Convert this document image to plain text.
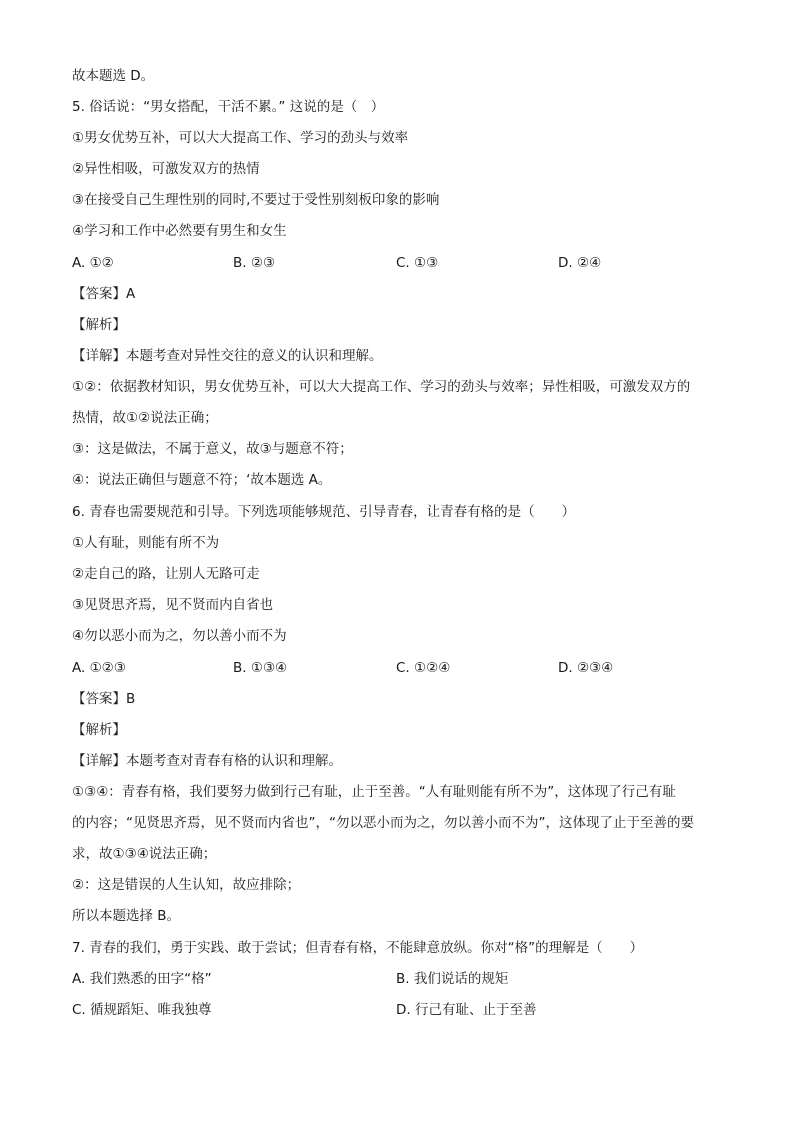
故本题选 D。
5. 俗话说：“男女搭配，干活不累。” 这说的是（　）
①男女优势互补，可以大大提高工作、学习的劲头与效率
②异性相吸，可激发双方的热情
③在接受自己生理性别的同时,不要过于受性别刻板印象的影响
④学习和工作中必然要有男生和女生
A. ①②	B. ②③	C. ①③	D. ②④
【答案】A
【解析】
【详解】本题考查对异性交往的意义的认识和理解。
①②：依据教材知识，男女优势互补，可以大大提高工作、学习的劲头与效率；异性相吸，可激发双方的
热情，故①②说法正确；
③：这是做法，不属于意义，故③与题意不符；
④：说法正确但与题意不符；‘故本题选 A。
6. 青春也需要规范和引导。下列选项能够规范、引导青春，让青春有格的是（　　）
①人有耻，则能有所不为
②走自己的路，让别人无路可走
③见贤思齐焉，见不贤而内自省也
④勿以恶小而为之，勿以善小而不为
A. ①②③	B. ①③④	C. ①②④	D. ②③④
【答案】B
【解析】
【详解】本题考查对青春有格的认识和理解。
①③④：青春有格，我们要努力做到行己有耻，止于至善。“人有耻则能有所不为”，这体现了行己有耻
的内容；“见贤思齐焉，见不贤而内省也”，“勿以恶小而为之，勿以善小而不为”，这体现了止于至善的要
求，故①③④说法正确；
②：这是错误的人生认知，故应排除；
所以本题选择 B。
7. 青春的我们，勇于实践、敢于尝试；但青春有格，不能肆意放纵。你对“格”的理解是（　　）
A. 我们熟悉的田字“格”	B. 我们说话的规矩
C. 循规蹈矩、唯我独尊	D. 行己有耻、止于至善
